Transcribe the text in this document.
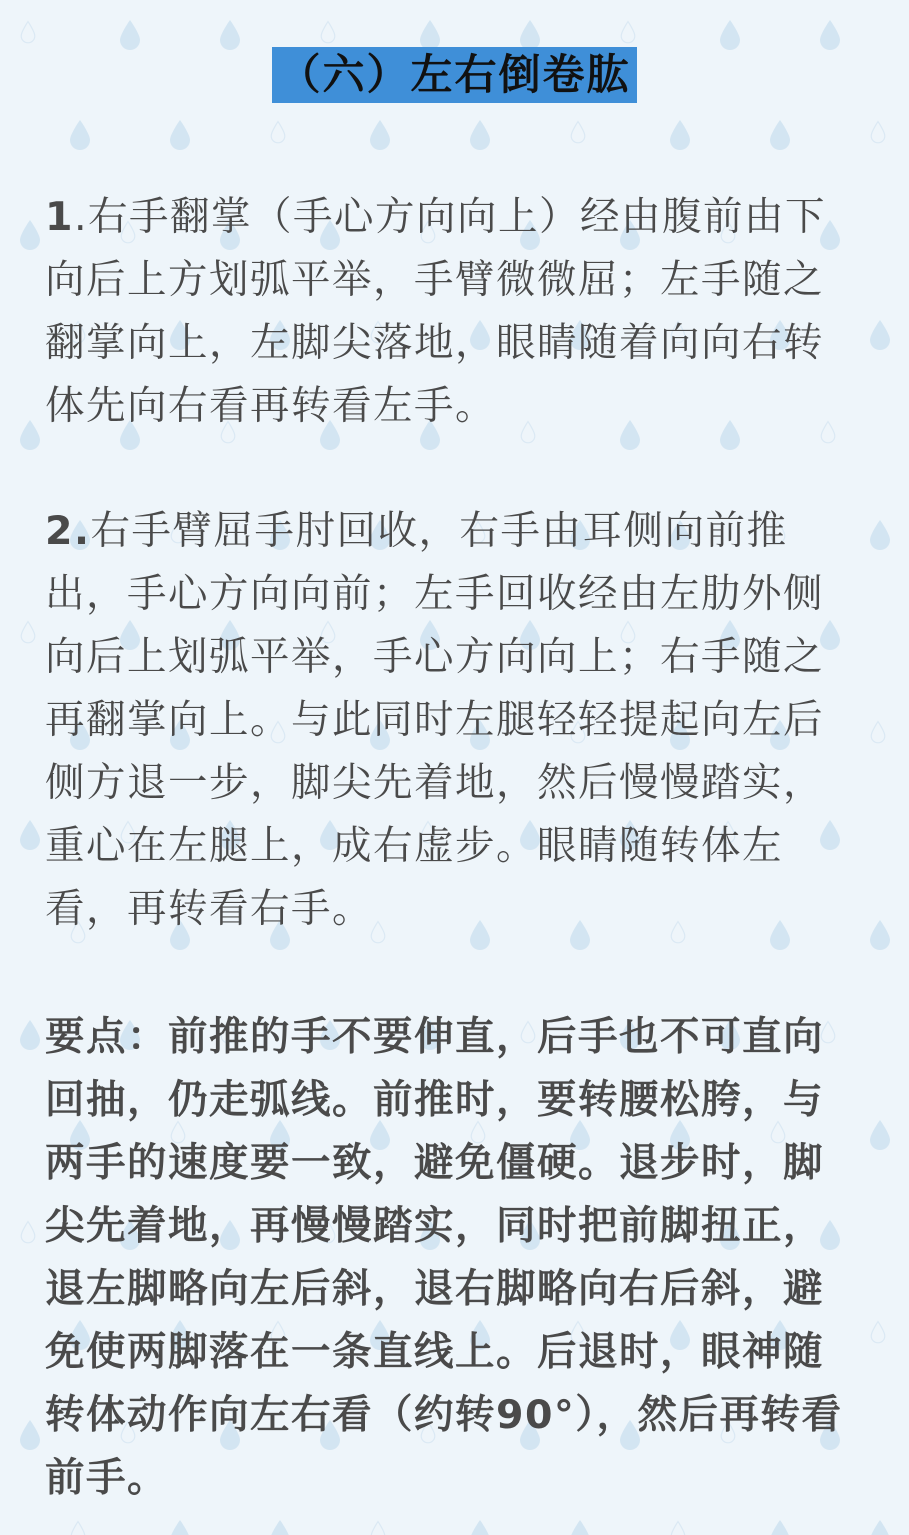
（六）左右倒卷肱

1.右手翻掌（手心方向向上）经由腹前由下向后上方划弧平举，手臂微微屈；左手随之翻掌向上，左脚尖落地，眼睛随着向向右转体先向右看再转看左手。

2.右手臂屈手肘回收，右手由耳侧向前推出，手心方向向前；左手回收经由左肋外侧向后上划弧平举，手心方向向上；右手随之再翻掌向上。与此同时左腿轻轻提起向左后侧方退一步，脚尖先着地，然后慢慢踏实，重心在左腿上，成右虚步。眼睛随转体左看，再转看右手。

要点：前推的手不要伸直，后手也不可直向回抽，仍走弧线。前推时，要转腰松胯，与两手的速度要一致，避免僵硬。退步时，脚尖先着地，再慢慢踏实，同时把前脚扭正，退左脚略向左后斜，退右脚略向右后斜，避免使两脚落在一条直线上。后退时，眼神随转体动作向左右看（约转90°），然后再转看前手。
